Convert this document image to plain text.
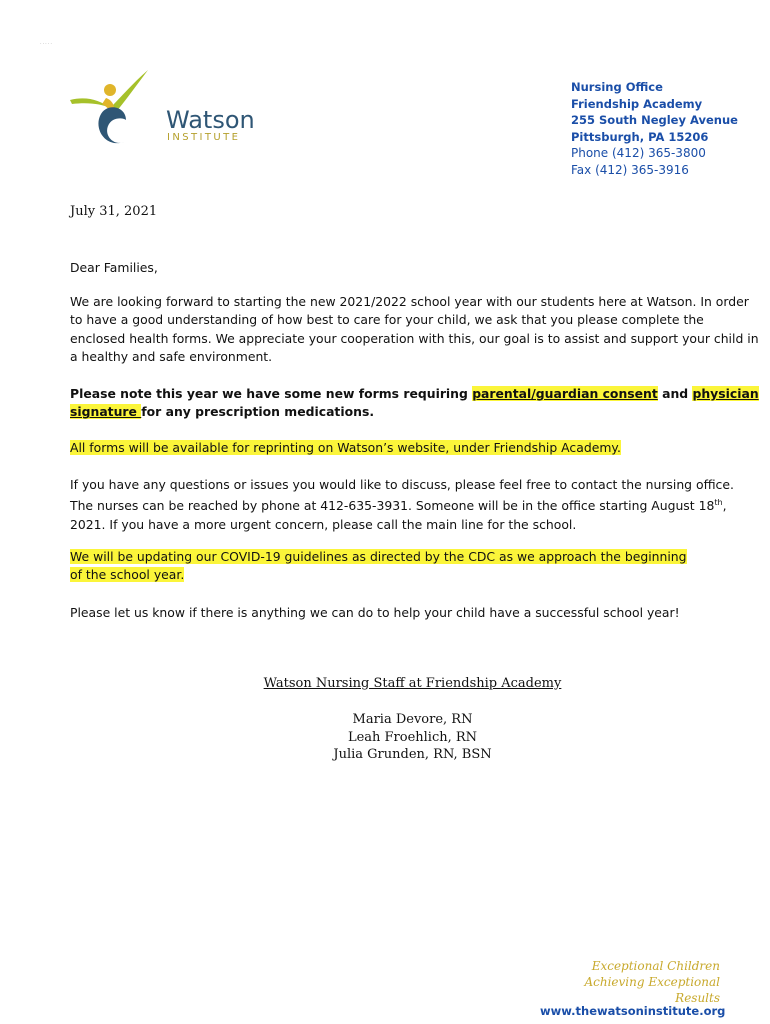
.....
Watson
INSTITUTE
Nursing Office
Friendship Academy
255 South Negley Avenue
Pittsburgh, PA 15206
Phone (412) 365-3800
Fax (412) 365-3916
July 31, 2021

Dear Families,

We are looking forward to starting the new 2021/2022 school year with our students here at Watson. In order to have a good understanding of how best to care for your child, we ask that you please complete the enclosed health forms. We appreciate your cooperation with this, our goal is to assist and support your child in a healthy and safe environment.

Please note this year we have some new forms requiring parental/guardian consent and physician signature for any prescription medications.

All forms will be available for reprinting on Watson’s website, under Friendship Academy.

If you have any questions or issues you would like to discuss, please feel free to contact the nursing office. The nurses can be reached by phone at 412-635-3931. Someone will be in the office starting August 18th, 2021. If you have a more urgent concern, please call the main line for the school.

We will be updating our COVID-19 guidelines as directed by the CDC as we approach the beginning
of the school year.

Please let us know if there is anything we can do to help your child have a successful school year!

Watson Nursing Staff at Friendship Academy
Maria Devore, RN
Leah Froehlich, RN
Julia Grunden, RN, BSN
Exceptional Children
Achieving Exceptional Results
www.thewatsoninstitute.org
